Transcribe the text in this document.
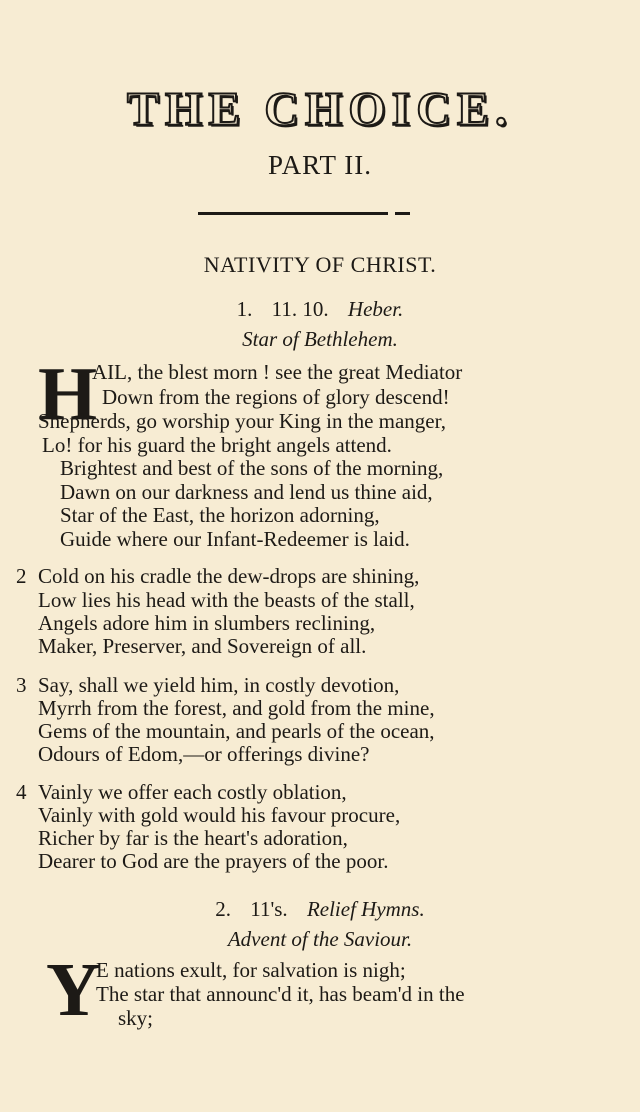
THE CHOICE.
PART II.
NATIVITY OF CHRIST.
1. 11. 10. Heber.
Star of Bethlehem.
H
AIL, the blest morn ! see the great Mediator
Down from the regions of glory descend!
Shepherds, go worship your King in the manger,
Lo! for his guard the bright angels attend.
Brightest and best of the sons of the morning,
Dawn on our darkness and lend us thine aid,
Star of the East, the horizon adorning,
Guide where our Infant-Redeemer is laid.
2 Cold on his cradle the dew-drops are shining,
Low lies his head with the beasts of the stall,
Angels adore him in slumbers reclining,
Maker, Preserver, and Sovereign of all.
3 Say, shall we yield him, in costly devotion,
Myrrh from the forest, and gold from the mine,
Gems of the mountain, and pearls of the ocean,
Odours of Edom,—or offerings divine?
4 Vainly we offer each costly oblation,
Vainly with gold would his favour procure,
Richer by far is the heart's adoration,
Dearer to God are the prayers of the poor.
2. 11's. Relief Hymns.
Advent of the Saviour.
Y
E nations exult, for salvation is nigh;
The star that announc'd it, has beam'd in the
sky;
